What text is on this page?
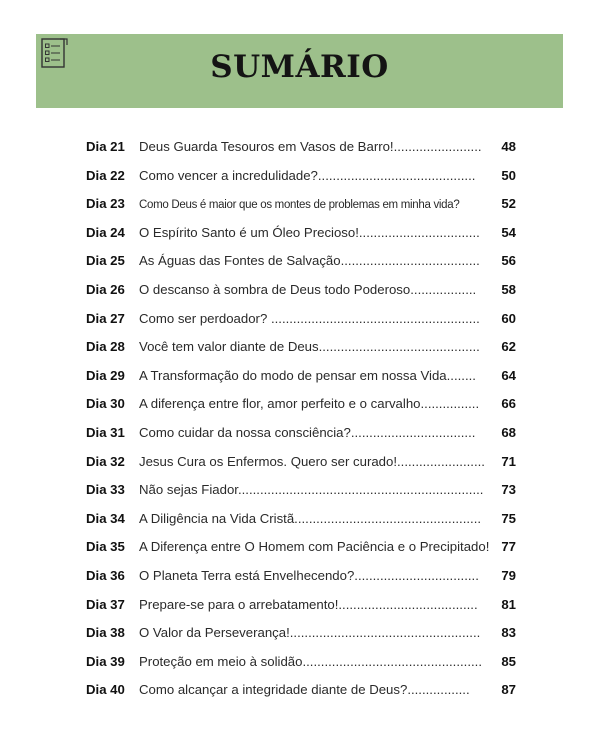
SUMÁRIO
Dia 21	Deus Guarda Tesouros em Vasos de Barro!........................	48
Dia 22	Como vencer a incredulidade?...........................................	50
Dia 23	Como Deus é maior que os montes de problemas em minha vida?	52
Dia 24	O Espírito Santo é um Óleo Precioso!.................................	54
Dia 25	As Águas das Fontes de Salvação......................................	56
Dia 26	O descanso à sombra de Deus todo Poderoso..................	58
Dia 27	Como ser perdoador? .........................................................	60
Dia 28	Você tem valor diante de Deus............................................	62
Dia 29	A Transformação do modo de pensar em nossa Vida........	64
Dia 30	A diferença entre flor, amor perfeito e o carvalho................	66
Dia 31	Como cuidar da nossa consciência?..................................	68
Dia 32	Jesus Cura os Enfermos. Quero ser curado!........................	71
Dia 33	Não sejas Fiador...................................................................	73
Dia 34	A Diligência na Vida Cristã...................................................	75
Dia 35	A Diferença entre O Homem com Paciência e o Precipitado! 77
Dia 36	O Planeta Terra está Envelhecendo?..................................	79
Dia 37	Prepare-se para o arrebatamento!......................................	81
Dia 38	O Valor da Perseverança!....................................................	83
Dia 39	Proteção em meio à solidão.................................................	85
Dia 40	Como alcançar a integridade diante de Deus?.................	87
